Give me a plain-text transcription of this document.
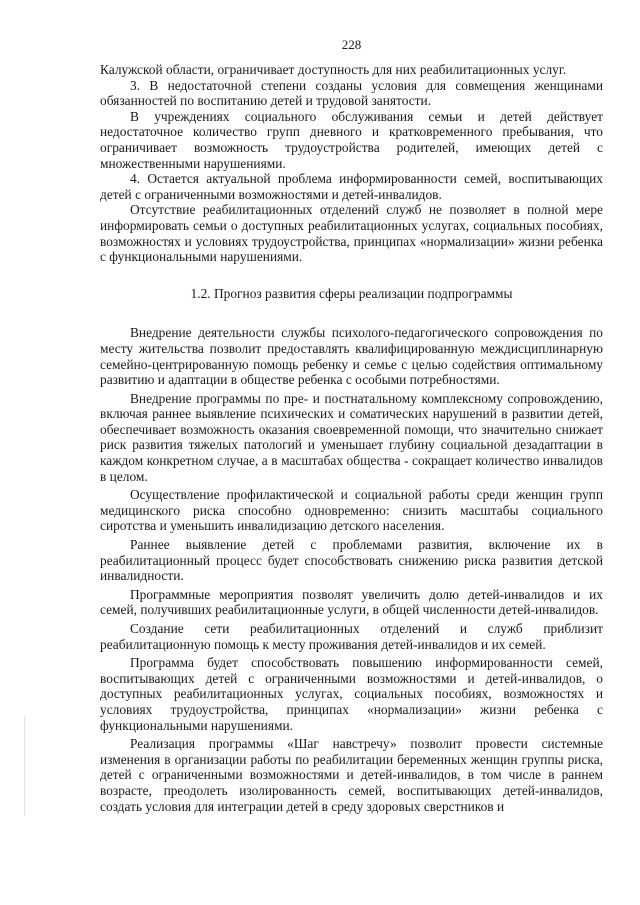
228

Калужской области, ограничивает доступность для них реабилитационных услуг.

3. В недостаточной степени созданы условия для совмещения женщинами обязанностей по воспитанию детей и трудовой занятости.

В учреждениях социального обслуживания семьи и детей действует недостаточное количество групп дневного и кратковременного пребывания, что ограничивает возможность трудоустройства родителей, имеющих детей с множественными нарушениями.

4. Остается актуальной проблема информированности семей, воспитывающих детей с ограниченными возможностями и детей-инвалидов.

Отсутствие реабилитационных отделений служб не позволяет в полной мере информировать семьи о доступных реабилитационных услугах, социальных пособиях, возможностях и условиях трудоустройства, принципах «нормализации» жизни ребенка с функциональными нарушениями.

1.2. Прогноз развития сферы реализации подпрограммы

Внедрение деятельности службы психолого-педагогического сопровождения по месту жительства позволит предоставлять квалифицированную междисциплинарную семейно-центрированную помощь ребенку и семье с целью содействия оптимальному развитию и адаптации в обществе ребенка с особыми потребностями.

Внедрение программы по пре- и постнатальному комплексному сопровождению, включая раннее выявление психических и соматических нарушений в развитии детей, обеспечивает возможность оказания своевременной помощи, что значительно снижает риск развития тяжелых патологий и уменьшает глубину социальной дезадаптации в каждом конкретном случае, а в масштабах общества - сокращает количество инвалидов в целом.

Осуществление профилактической и социальной работы среди женщин групп медицинского риска способно одновременно: снизить масштабы социального сиротства и уменьшить инвалидизацию детского населения.

Раннее выявление детей с проблемами развития, включение их в реабилитационный процесс будет способствовать снижению риска развития детской инвалидности.

Программные мероприятия позволят увеличить долю детей-инвалидов и их семей, получивших реабилитационные услуги, в общей численности детей-инвалидов.

Создание сети реабилитационных отделений и служб приблизит реабилитационную помощь к месту проживания детей-инвалидов и их семей.

Программа будет способствовать повышению информированности семей, воспитывающих детей с ограниченными возможностями и детей-инвалидов, о доступных реабилитационных услугах, социальных пособиях, возможностях и условиях трудоустройства, принципах «нормализации» жизни ребенка с функциональными нарушениями.

Реализация программы «Шаг навстречу» позволит провести системные изменения в организации работы по реабилитации беременных женщин группы риска, детей с ограниченными возможностями и детей-инвалидов, в том числе в раннем возрасте, преодолеть изолированность семей, воспитывающих детей-инвалидов, создать условия для интеграции детей в среду здоровых сверстников и
